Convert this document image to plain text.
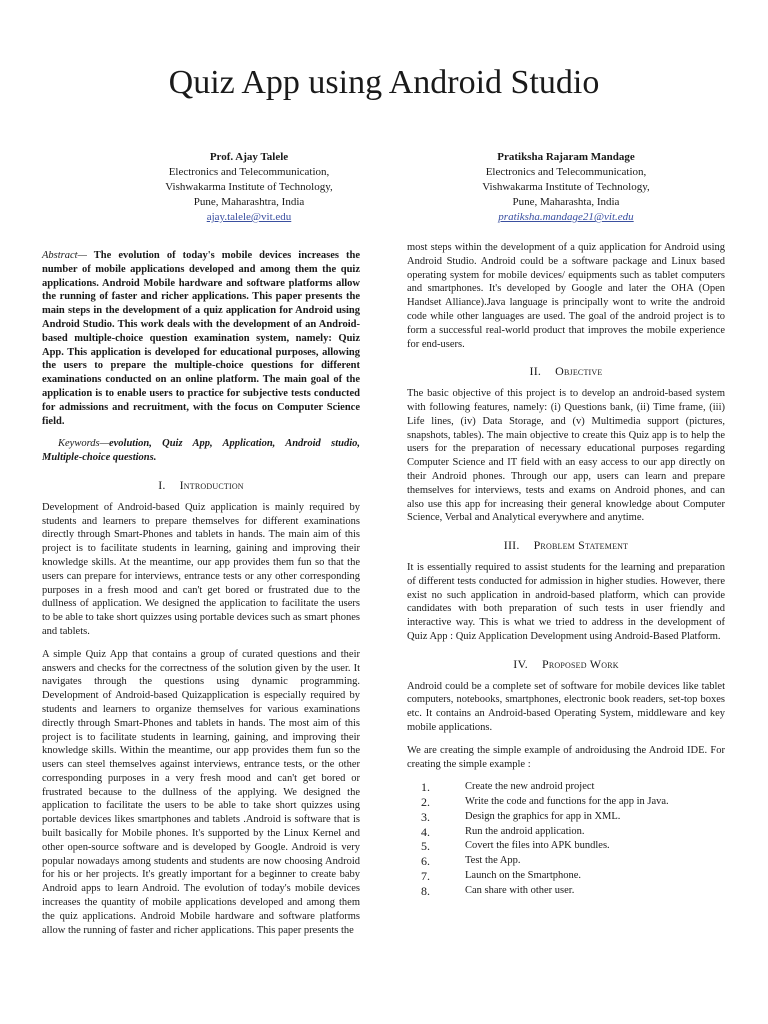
Quiz App using Android Studio
Prof. Ajay Talele
Electronics and Telecommunication,
Vishwakarma Institute of Technology,
Pune, Maharashtra, India
ajay.talele@vit.edu
Pratiksha Rajaram Mandage
Electronics and Telecommunication,
Vishwakarma Institute of Technology,
Pune, Maharashta, India
pratiksha.mandage21@vit.edu

Abstract— The evolution of today's mobile devices increases the number of mobile applications developed and among them the quiz applications. Android Mobile hardware and software platforms allow the running of faster and richer applications. This paper presents the main steps in the development of a quiz application for Android using Android Studio. This work deals with the development of an Android-based multiple-choice question examination system, namely: Quiz App. This application is developed for educational purposes, allowing the users to prepare the multiple-choice questions for different examinations conducted on an online platform. The main goal of the application is to enable users to practice for subjective tests conducted for admissions and recruitment, with the focus on Computer Science field.

Keywords—evolution, Quiz App, Application, Android studio, Multiple-choice questions.

I. Introduction

Development of Android-based Quiz application is mainly required by students and learners to prepare themselves for different examinations directly through Smart-Phones and tablets in hands. The main aim of this project is to facilitate students in learning, gaining and improving their knowledge skills. At the meantime, our app provides them fun so that the users can prepare for interviews, entrance tests or any other corresponding purposes in a fresh mood and can't get bored or frustrated due to the dullness of application. We designed the application to facilitate the users to be able to take short quizzes using portable devices such as smart phones and tablets.

A simple Quiz App that contains a group of curated questions and their answers and checks for the correctness of the solution given by the user. It navigates through the questions using dynamic programming. Development of Android-based Quizapplication is especially required by students and learners to organize themselves for various examinations directly through Smart-Phones and tablets in hands. The most aim of this project is to facilitate students in learning, gaining, and improving their knowledge skills. Within the meantime, our app provides them fun so the users can steel themselves against interviews, entrance tests, or the other corresponding purposes in a very fresh mood and can't get bored or frustrated because to the dullness of the applying. We designed the application to facilitate the users to be able to take short quizzes using portable devices likes smartphones and tablets .Android is software that is built basically for Mobile phones. It's supported by the Linux Kernel and other open-source software and is developed by Google. Android is very popular nowadays among students and students are now choosing Android for his or her projects. It's greatly important for a beginner to create baby Android apps to learn Android. The evolution of today's mobile devices increases the quantity of mobile applications developed and among them the quiz applications. Android Mobile hardware and software platforms allow the running of faster and richer applications. This paper presents the

most steps within the development of a quiz application for Android using Android Studio. Android could be a software package and Linux based operating system for mobile devices/ equipments such as tablet computers and smartphones. It's developed by Google and later the OHA (Open Handset Alliance).Java language is principally wont to write the android code while other languages are used. The goal of the android project is to form a successful real-world product that improves the mobile experience for end-users.

II. Objective

The basic objective of this project is to develop an android-based system with following features, namely: (i) Questions bank, (ii) Time frame, (iii) Life lines, (iv) Data Storage, and (v) Multimedia support (pictures, snapshots, tables). The main objective to create this Quiz app is to help the users for the preparation of necessary educational purposes regarding Computer Science and IT field with an easy access to our app directly on their Android phones. Through our app, users can learn and prepare themselves for interviews, tests and exams on Android phones, and can also use this app for increasing their general knowledge about Computer Science, Verbal and Analytical everywhere and anytime.

III. Problem Statement

It is essentially required to assist students for the learning and preparation of different tests conducted for admission in higher studies. However, there exist no such application in android-based platform, which can provide candidates with both preparation of such tests in user friendly and interactive way. This is what we tried to address in the development of Quiz App : Quiz Application Development using Android-Based Platform.

IV. Proposed Work

Android could be a complete set of software for mobile devices like tablet computers, notebooks, smartphones, electronic book readers, set-top boxes etc. It contains an Android-based Operating System, middleware and key mobile applications.

We are creating the simple example of androidusing the Android IDE. For creating the simple example :

1.	Create the new android project
2.	Write the code and functions for the app in Java.
3.	Design the graphics for app in XML.
4.	Run the android application.
5.	Covert the files into APK bundles.
6.	Test the App.
7.	Launch on the Smartphone.
8.	Can share with other user.
